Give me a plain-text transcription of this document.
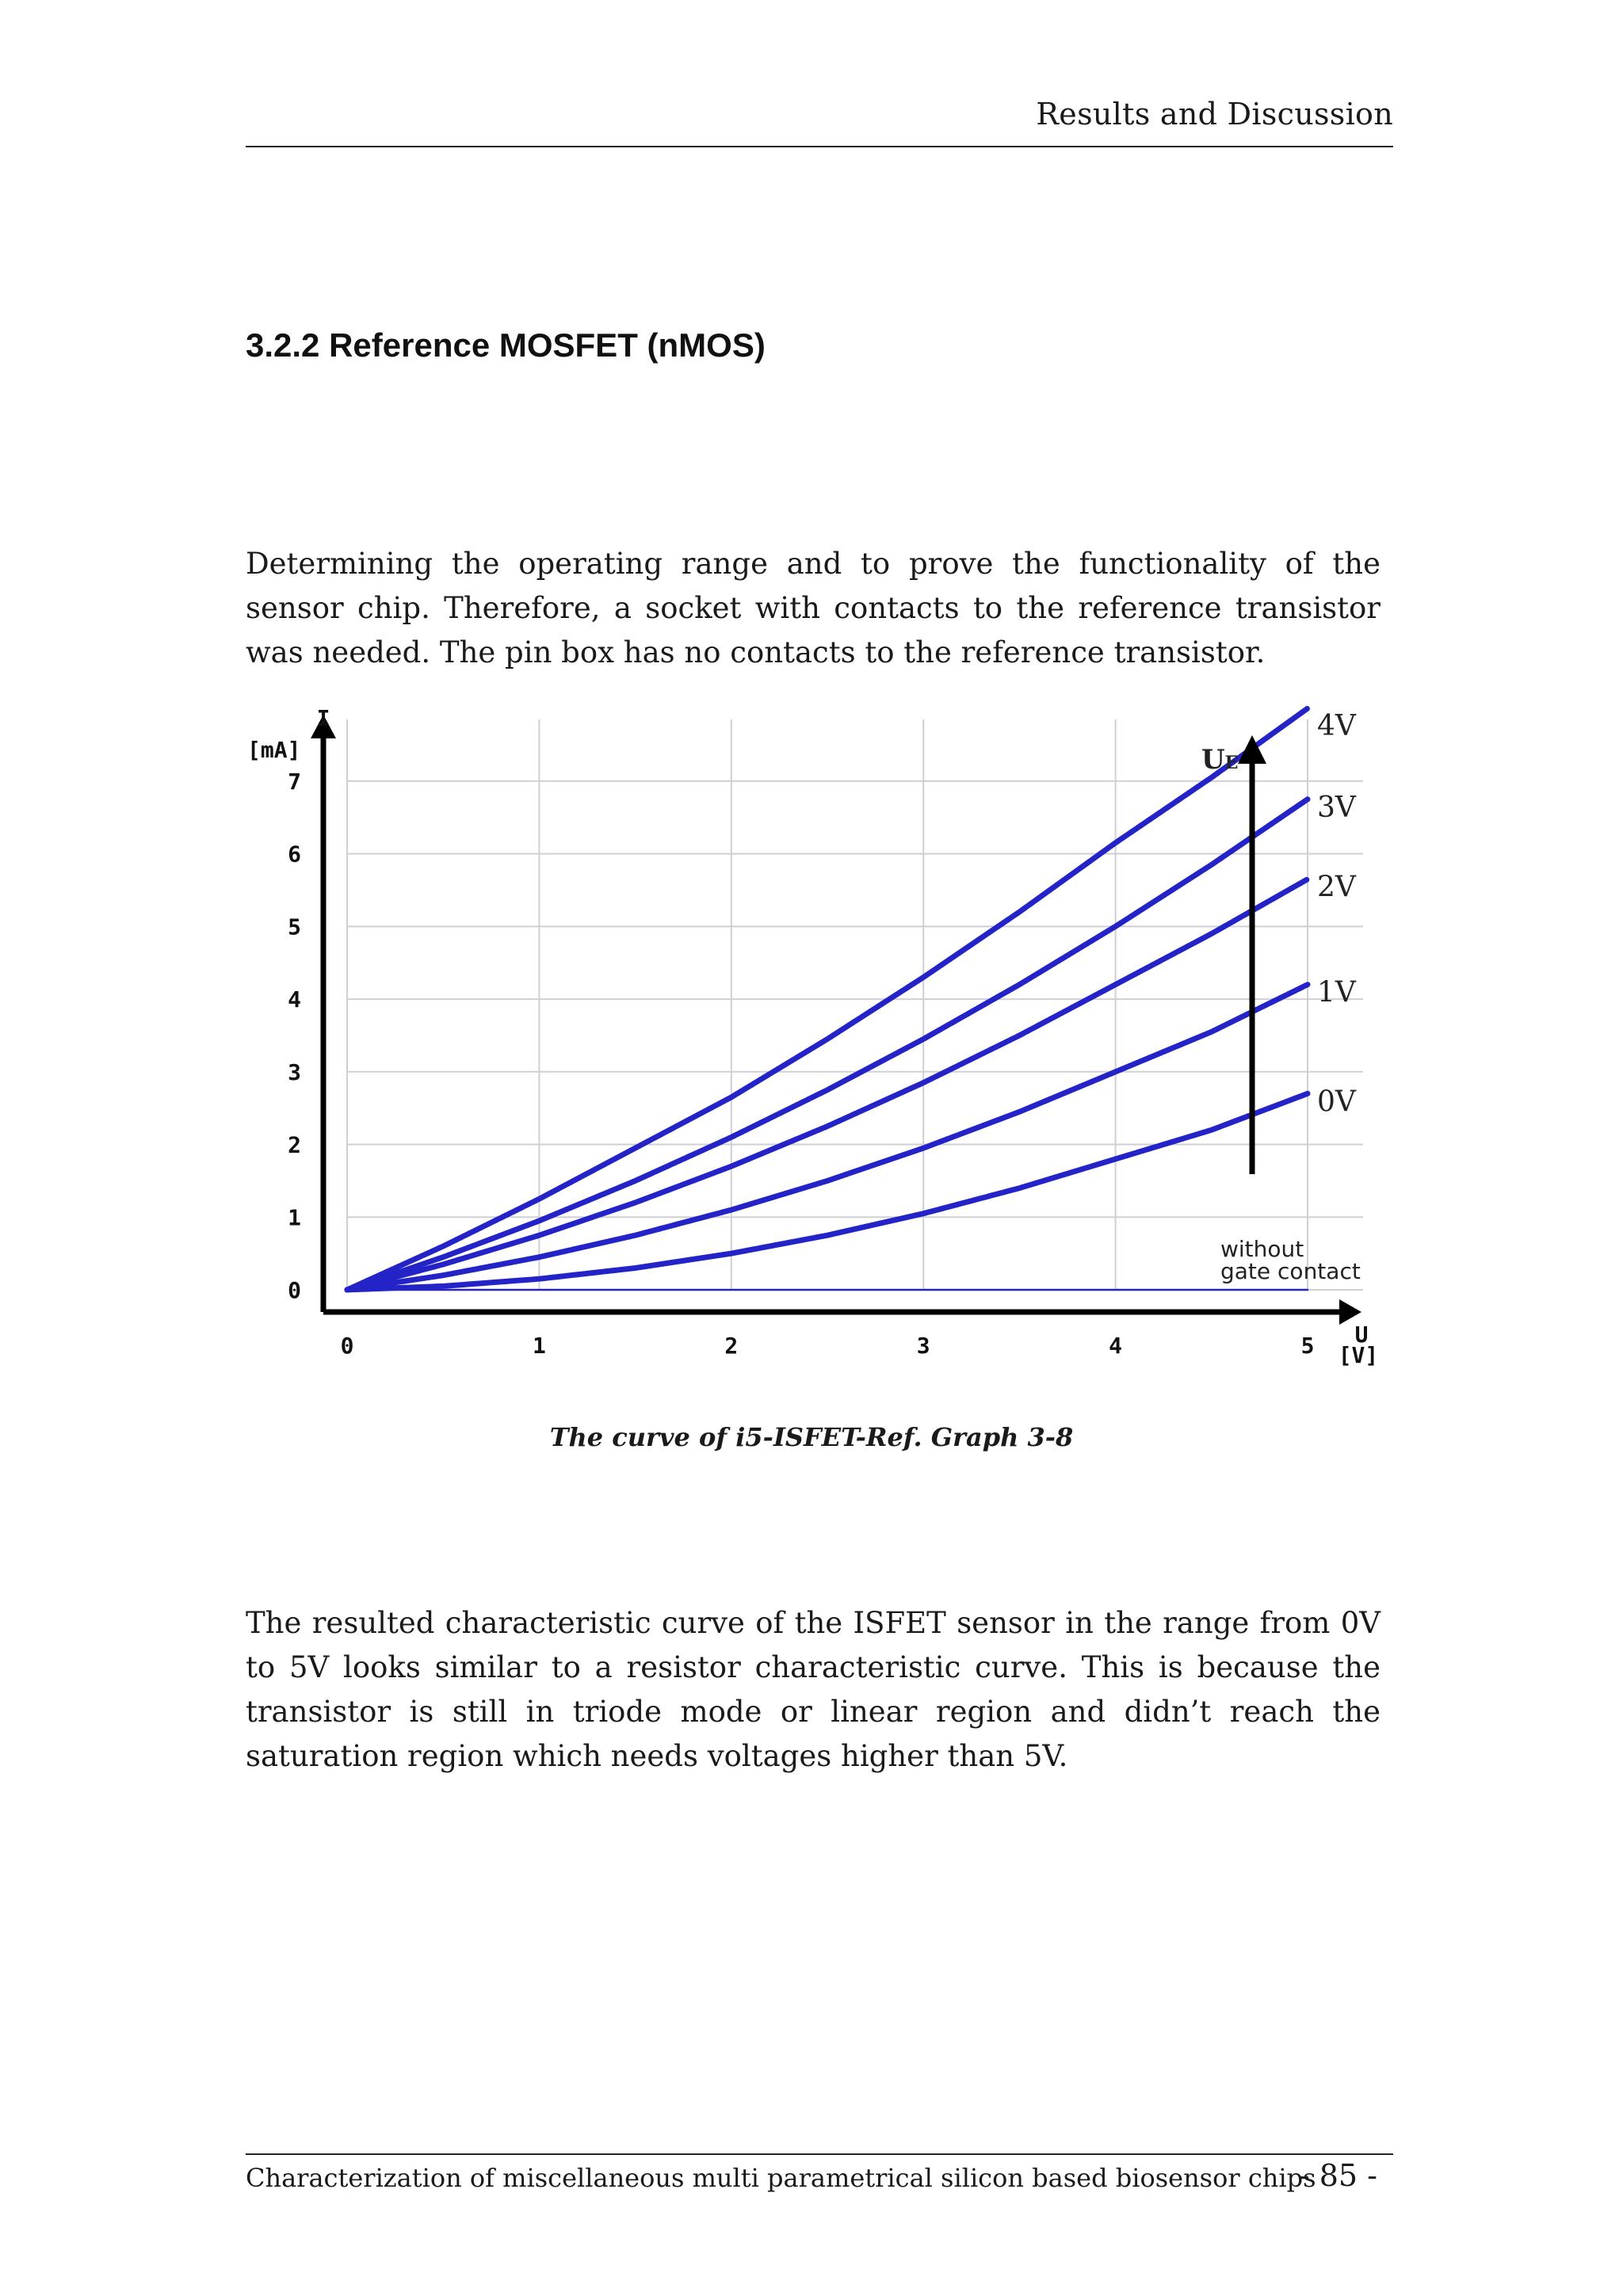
Results and Discussion
3.2.2 Reference MOSFET (nMOS)

Determining the operating range and to prove the functionality of the sensor chip. Therefore, a socket with contacts to the reference transistor was needed. The pin box has no contacts to the reference transistor.

0	1	2	3	4	5
0
1
2
3
4
5
6
7
I
[mA]
U
[V]
4V
3V
2V
1V
0V
without
gate contact
UE
The curve of i5-ISFET-Ref. Graph 3-8

The resulted characteristic curve of the ISFET sensor in the range from 0V to 5V looks similar to a resistor characteristic curve. This is because the transistor is still in triode mode or linear region and didn’t reach the saturation region which needs voltages higher than 5V.

Characterization of miscellaneous multi parametrical silicon based biosensor chips
- 85 -
